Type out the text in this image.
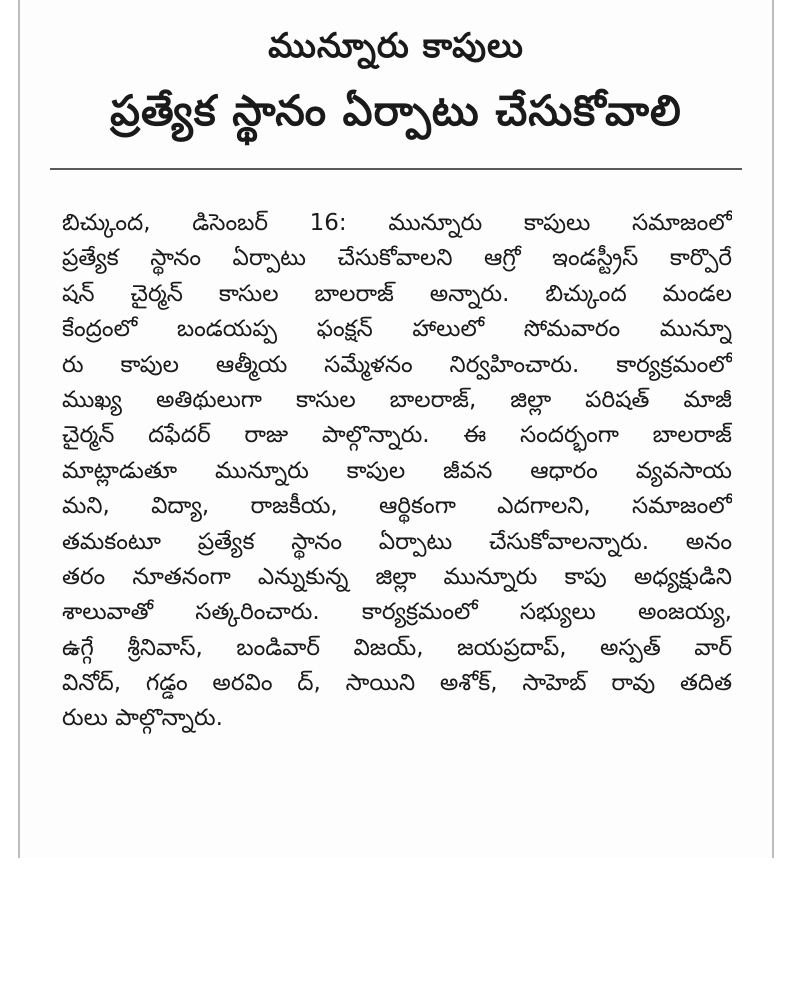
మున్నూరు కాపులు
ప్రత్యేక స్థానం ఏర్పాటు చేసుకోవాలి
బిచ్కుంద, డిసెంబర్ 16: మున్నూరు కాపులు సమాజంలో
ప్రత్యేక స్థానం ఏర్పాటు చేసుకోవాలని ఆగ్రో ఇండస్ట్రీస్ కార్పొరే
షన్ చైర్మన్ కాసుల బాలరాజ్ అన్నారు. బిచ్కుంద మండల
కేంద్రంలో బండయప్ప ఫంక్షన్ హాలులో సోమవారం మున్నూ
రు కాపుల ఆత్మీయ సమ్మేళనం నిర్వహించారు. కార్యక్రమంలో
ముఖ్య అతిథులుగా కాసుల బాలరాజ్, జిల్లా పరిషత్ మాజీ
చైర్మన్ దఫేదర్ రాజు పాల్గొన్నారు. ఈ సందర్భంగా బాలరాజ్
మాట్లాడుతూ మున్నూరు కాపుల జీవన ఆధారం వ్యవసాయ
మని, విద్యా, రాజకీయ, ఆర్థికంగా ఎదగాలని, సమాజంలో
తమకంటూ ప్రత్యేక స్థానం ఏర్పాటు చేసుకోవాలన్నారు. అనం
తరం నూతనంగా ఎన్నుకున్న జిల్లా మున్నూరు కాపు అధ్యక్షుడిని
శాలువాతో సత్కరించారు. కార్యక్రమంలో సభ్యులు అంజయ్య,
ఉగ్గే శ్రీనివాస్, బండివార్ విజయ్, జయప్రదాప్, అస్పత్ వార్
వినోద్, గడ్డం అరవిం ద్, సాయిని అశోక్, సాహెబ్ రావు తదిత
రులు పాల్గొన్నారు.
